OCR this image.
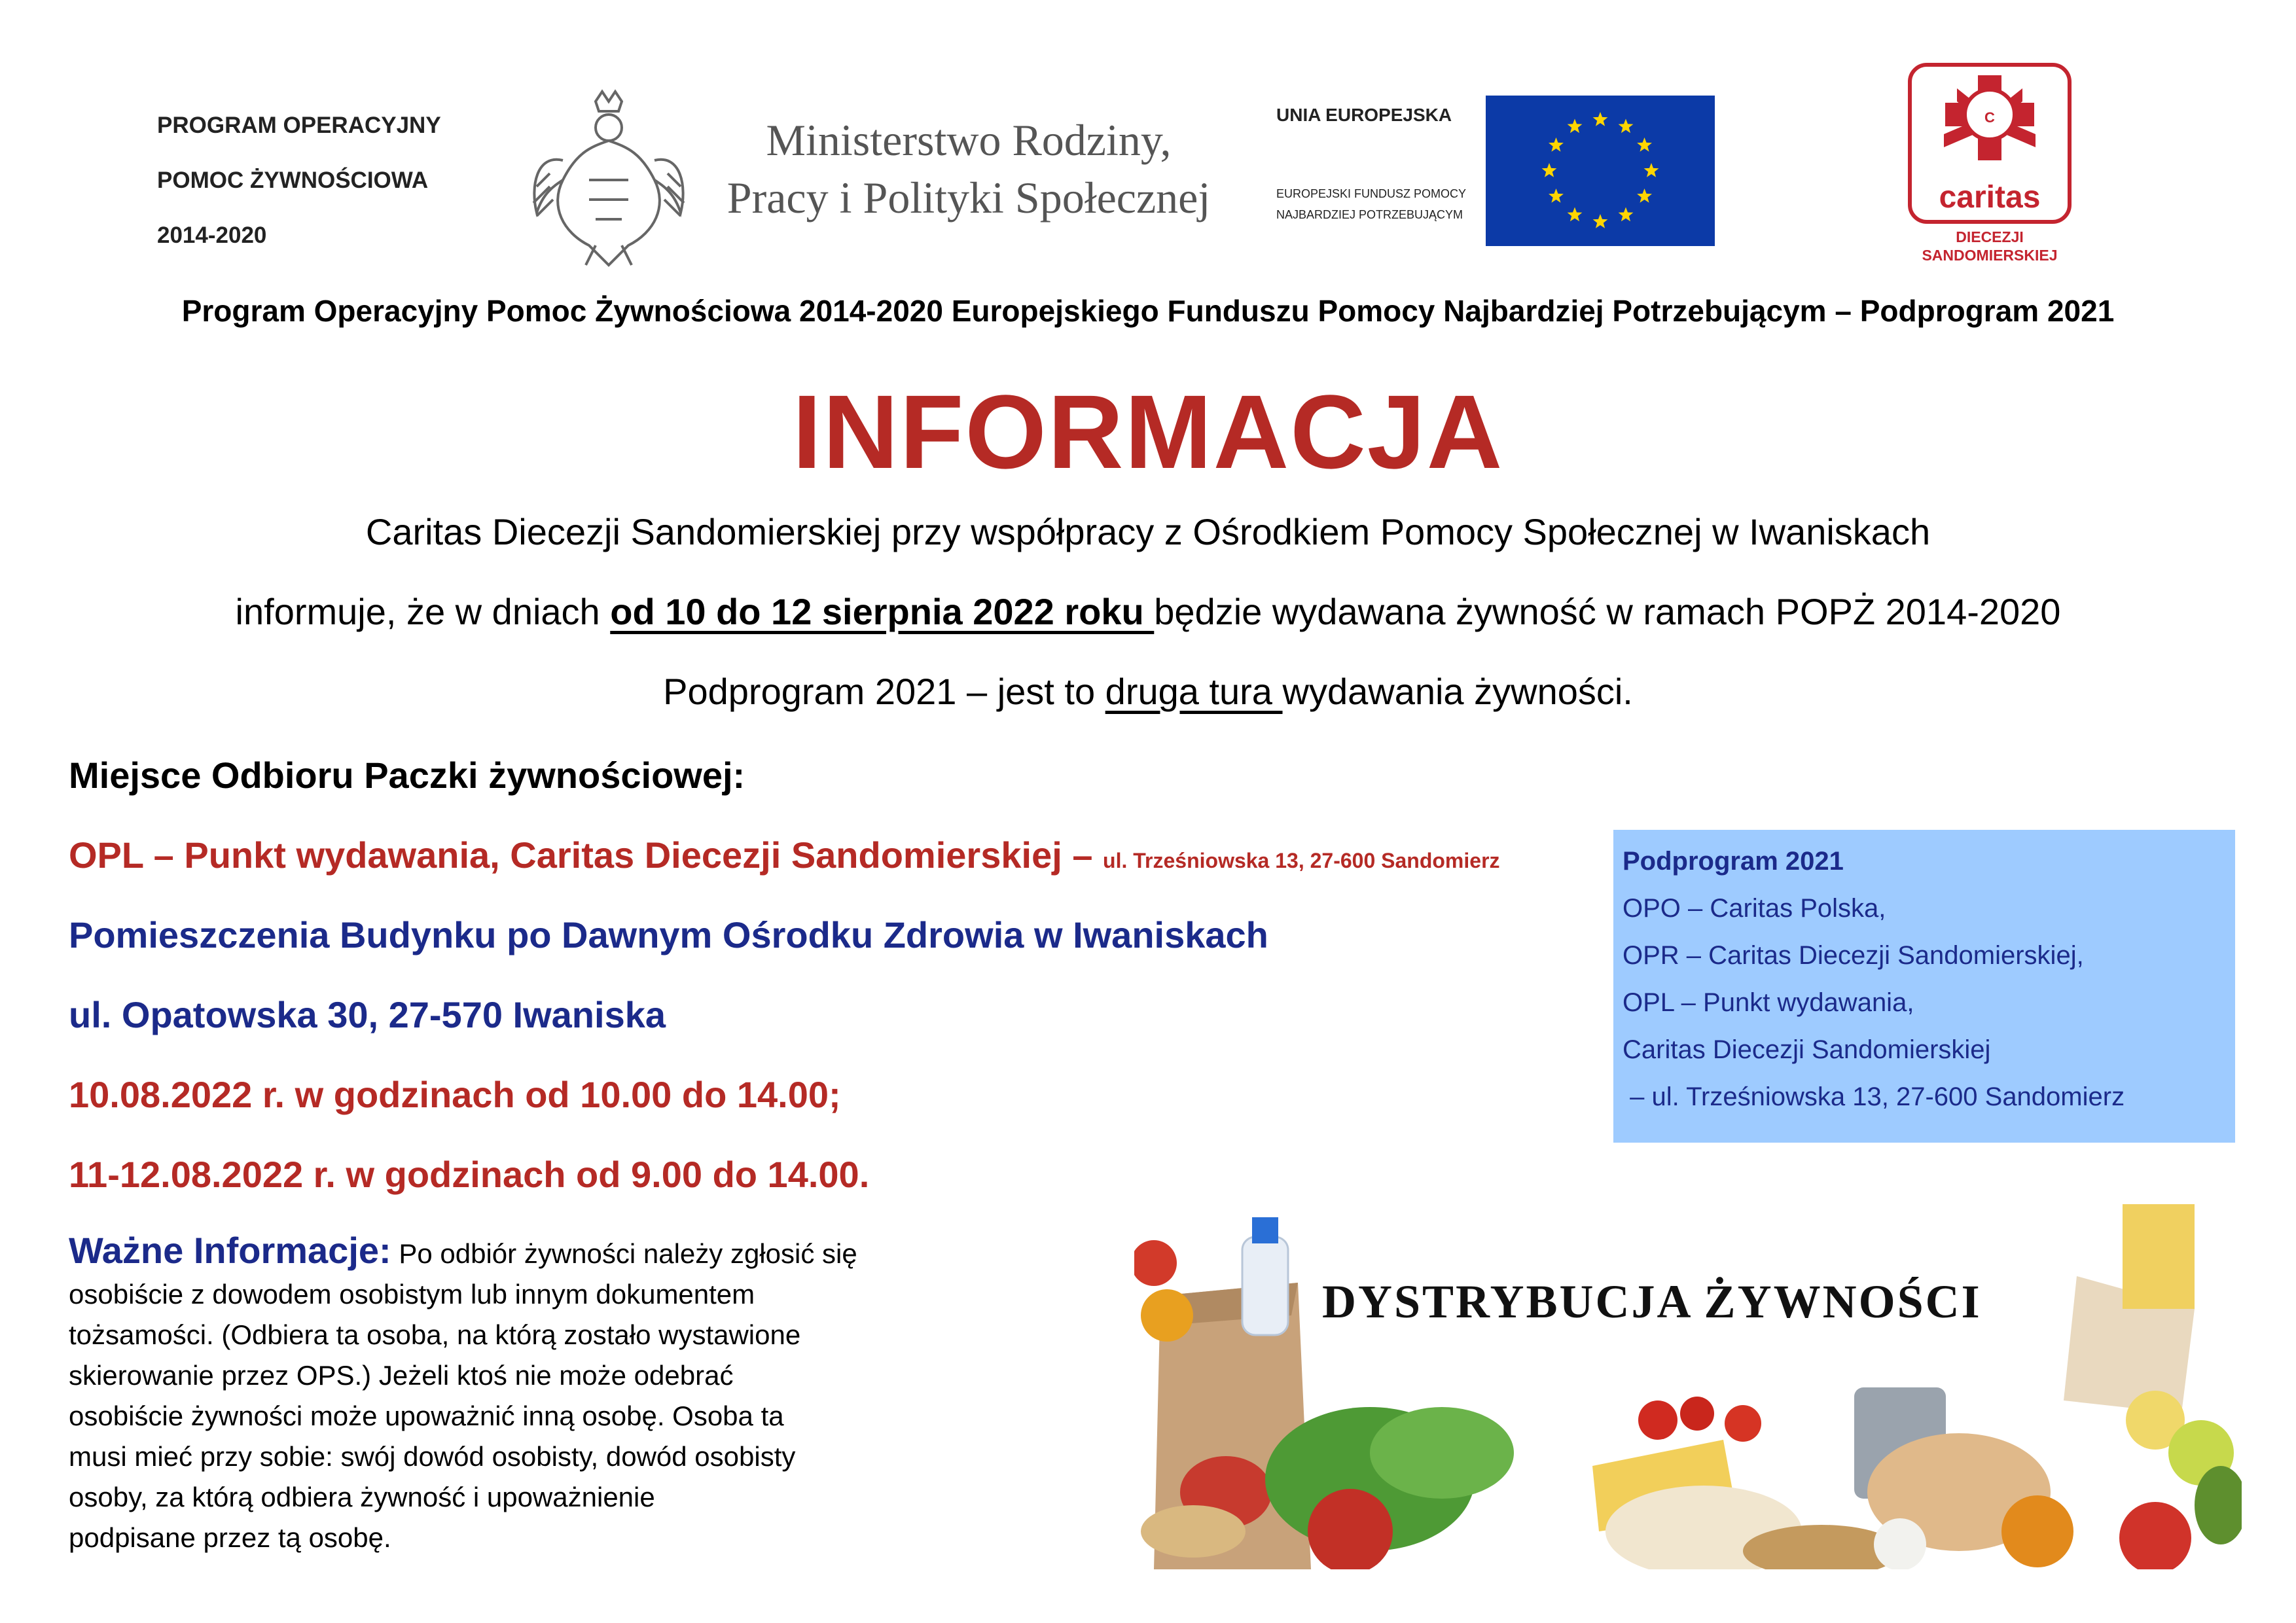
PROGRAM OPERACYJNY
POMOC ŻYWNOŚCIOWA
2014-2020
Ministerstwo Rodziny,
Pracy i Polityki Społecznej
UNIA EUROPEJSKA
EUROPEJSKI FUNDUSZ POMOCY
NAJBARDZIEJ POTRZEBUJĄCYM
C
caritas
DIECEZJI
SANDOMIERSKIEJ
Program Operacyjny Pomoc Żywnościowa 2014-2020 Europejskiego Funduszu Pomocy Najbardziej Potrzebującym – Podprogram 2021
INFORMACJA
Caritas Diecezji Sandomierskiej przy współpracy z Ośrodkiem Pomocy Społecznej w Iwaniskach
informuje, że w dniach od 10 do 12 sierpnia 2022 roku będzie wydawana żywność w ramach POPŻ 2014-2020
Podprogram 2021 – jest to druga tura wydawania żywności.
Miejsce Odbioru Paczki żywnościowej:
OPL – Punkt wydawania, Caritas Diecezji Sandomierskiej – ul. Trześniowska 13, 27-600 Sandomierz
Pomieszczenia Budynku po Dawnym Ośrodku Zdrowia w Iwaniskach
ul. Opatowska 30, 27-570 Iwaniska
10.08.2022 r. w godzinach od 10.00 do 14.00;
11-12.08.2022 r. w godzinach od 9.00 do 14.00.
Podprogram 2021
OPO – Caritas Polska,
OPR – Caritas Diecezji Sandomierskiej,
OPL – Punkt wydawania,
Caritas Diecezji Sandomierskiej
– ul. Trześniowska 13, 27-600 Sandomierz
Ważne Informacje: Po odbiór żywności należy zgłosić się
osobiście z dowodem osobistym lub innym dokumentem
tożsamości. (Odbiera ta osoba, na którą zostało wystawione
skierowanie przez OPS.) Jeżeli ktoś nie może odebrać
osobiście żywności może upoważnić inną osobę. Osoba ta
musi mieć przy sobie: swój dowód osobisty, dowód osobisty
osoby, za którą odbiera żywność i upoważnienie
podpisane przez tą osobę.
DYSTRYBUCJA ŻYWNOŚCI
